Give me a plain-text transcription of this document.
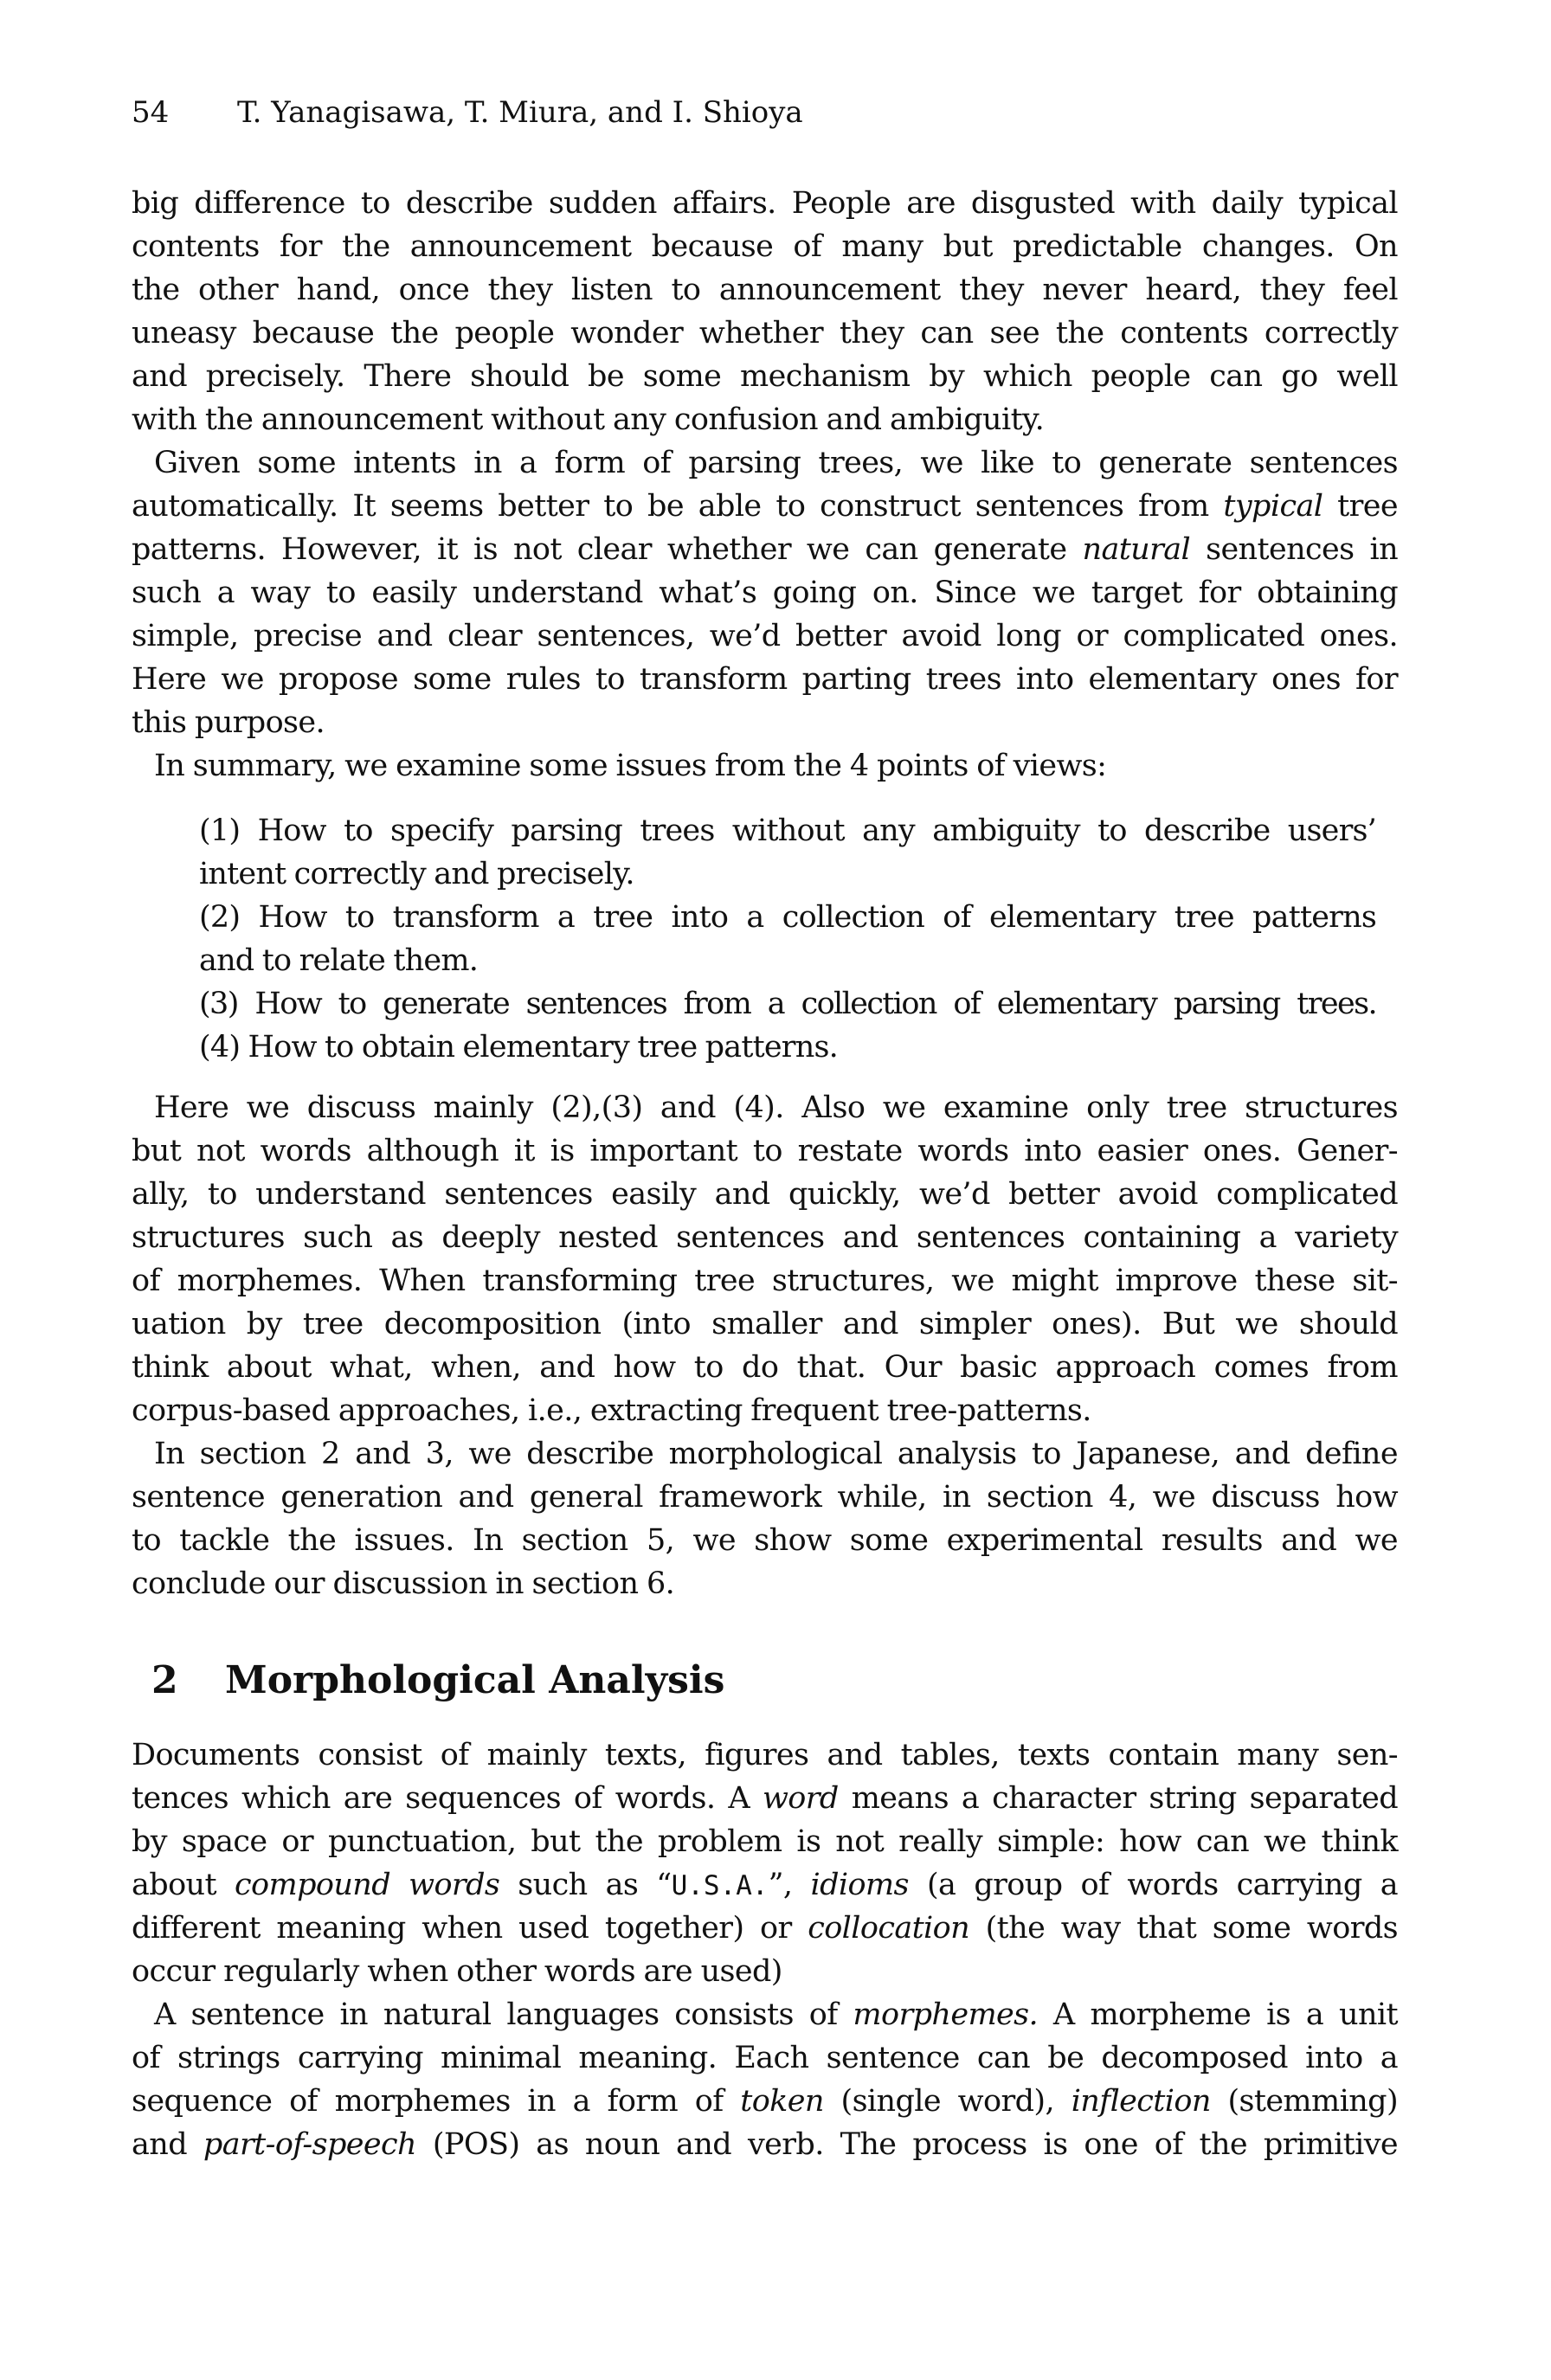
54 T. Yanagisawa, T. Miura, and I. Shioya
big difference to describe sudden affairs. People are disgusted with daily typical
contents for the announcement because of many but predictable changes. On
the other hand, once they listen to announcement they never heard, they feel
uneasy because the people wonder whether they can see the contents correctly
and precisely. There should be some mechanism by which people can go well
with the announcement without any confusion and ambiguity.
Given some intents in a form of parsing trees, we like to generate sentences
automatically. It seems better to be able to construct sentences from typical tree
patterns. However, it is not clear whether we can generate natural sentences in
such a way to easily understand what’s going on. Since we target for obtaining
simple, precise and clear sentences, we’d better avoid long or complicated ones.
Here we propose some rules to transform parting trees into elementary ones for
this purpose.
In summary, we examine some issues from the 4 points of views:
(1) How to specify parsing trees without any ambiguity to describe users’
intent correctly and precisely.
(2) How to transform a tree into a collection of elementary tree patterns
and to relate them.
(3) How to generate sentences from a collection of elementary parsing trees.
(4) How to obtain elementary tree patterns.
Here we discuss mainly (2),(3) and (4). Also we examine only tree structures
but not words although it is important to restate words into easier ones. Gener-
ally, to understand sentences easily and quickly, we’d better avoid complicated
structures such as deeply nested sentences and sentences containing a variety
of morphemes. When transforming tree structures, we might improve these sit-
uation by tree decomposition (into smaller and simpler ones). But we should
think about what, when, and how to do that. Our basic approach comes from
corpus-based approaches, i.e., extracting frequent tree-patterns.
In section 2 and 3, we describe morphological analysis to Japanese, and define
sentence generation and general framework while, in section 4, we discuss how
to tackle the issues. In section 5, we show some experimental results and we
conclude our discussion in section 6.
2 Morphological Analysis
Documents consist of mainly texts, figures and tables, texts contain many sen-
tences which are sequences of words. A word means a character string separated
by space or punctuation, but the problem is not really simple: how can we think
about compound words such as “U.S.A.”, idioms (a group of words carrying a
different meaning when used together) or collocation (the way that some words
occur regularly when other words are used)
A sentence in natural languages consists of morphemes. A morpheme is a unit
of strings carrying minimal meaning. Each sentence can be decomposed into a
sequence of morphemes in a form of token (single word), inflection (stemming)
and part-of-speech (POS) as noun and verb. The process is one of the primitive
